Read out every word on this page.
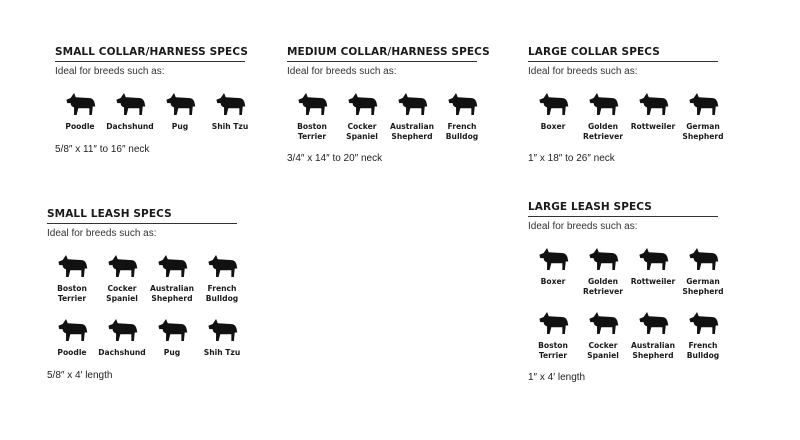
SMALL COLLAR/HARNESS SPECS
Ideal for breeds such as:
Poodle Dachshund Pug	Shih Tzu
5/8″ x 11″ to 16″ neck
MEDIUM COLLAR/HARNESS SPECS
Ideal for breeds such as:
Boston
Terrier
Cocker
Spaniel
Australian
Shepherd
French
Bulldog
3/4″ x 14″ to 20″ neck
LARGE COLLAR SPECS
Ideal for breeds such as:
Boxer	Golden
Retriever
Rottweiler	German
Shepherd
1″ x 18″ to 26″ neck
SMALL LEASH SPECS
Ideal for breeds such as:
Boston
Terrier
Cocker
Spaniel
Australian
Shepherd
French
Bulldog
Poodle Dachshund Pug	Shih Tzu
5/8″ x 4′ length
LARGE LEASH SPECS
Ideal for breeds such as:
Boxer	Golden
Retriever
Rottweiler	German
Shepherd
Boston
Terrier
Cocker
Spaniel
Australian
Shepherd
French
Bulldog
1″ x 4′ length
